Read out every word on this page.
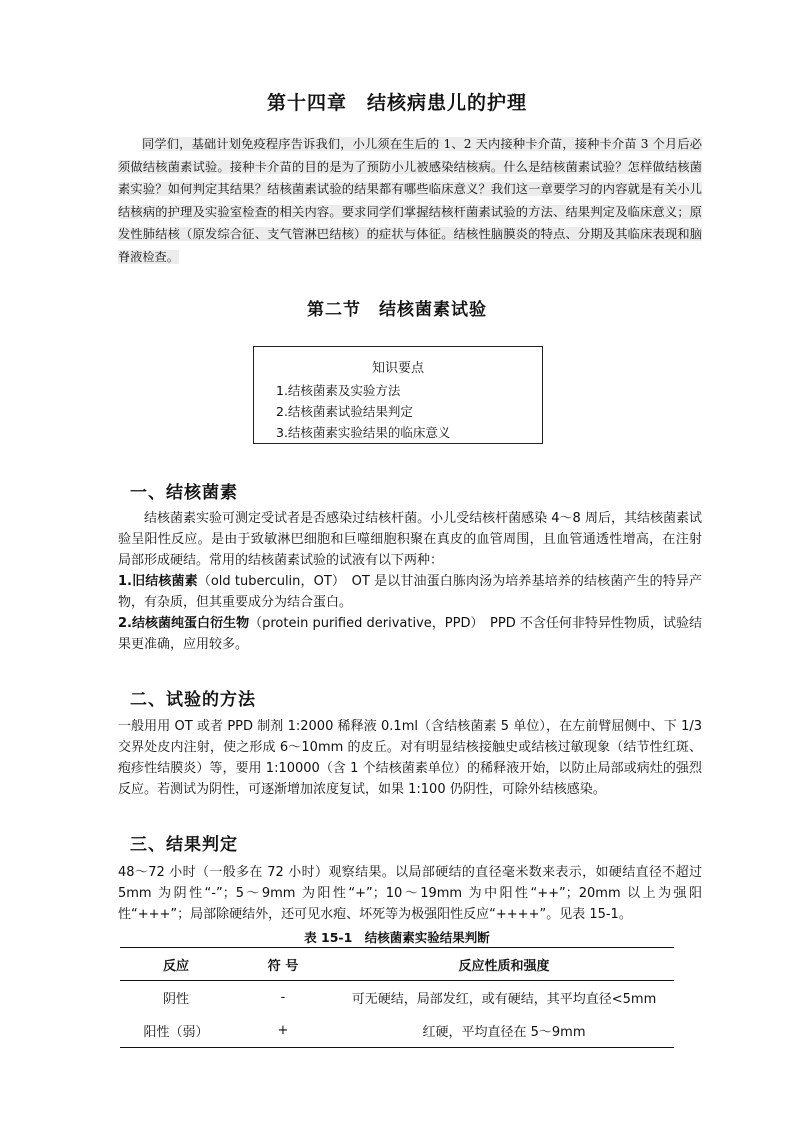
第十四章　结核病患儿的护理

同学们，基础计划免疫程序告诉我们，小儿须在生后的 1、2 天内接种卡介苗，接种卡介苗 3 个月后必须做结核菌素试验。接种卡介苗的目的是为了预防小儿被感染结核病。什么是结核菌素试验？怎样做结核菌素实验？如何判定其结果？结核菌素试验的结果都有哪些临床意义？我们这一章要学习的内容就是有关小儿结核病的护理及实验室检查的相关内容。要求同学们掌握结核杆菌素试验的方法、结果判定及临床意义；原发性肺结核（原发综合征、支气管淋巴结核）的症状与体征。结核性脑膜炎的特点、分期及其临床表现和脑脊液检查。

第二节　结核菌素试验
知识要点
1.结核菌素及实验方法
2.结核菌素试验结果判定
3.结核菌素实验结果的临床意义
一、结核菌素

结核菌素实验可测定受试者是否感染过结核杆菌。小儿受结核杆菌感染 4～8 周后，其结核菌素试验呈阳性反应。是由于致敏淋巴细胞和巨噬细胞积聚在真皮的血管周围，且血管通透性增高，在注射局部形成硬结。常用的结核菌素试验的试液有以下两种：

1.旧结核菌素（old tuberculin，OT）　OT 是以甘油蛋白胨肉汤为培养基培养的结核菌产生的特异产物，有杂质，但其重要成分为结合蛋白。

2.结核菌纯蛋白衍生物（protein purified derivative，PPD）　PPD 不含任何非特异性物质，试验结果更准确，应用较多。

二、试验的方法

一般用用 OT 或者 PPD 制剂 1:2000 稀释液 0.1ml（含结核菌素 5 单位），在左前臂屈侧中、下 1/3 交界处皮内注射，使之形成 6～10mm 的皮丘。对有明显结核接触史或结核过敏现象（结节性红斑、疱疹性结膜炎）等，要用 1:10000（含 1 个结核菌素单位）的稀释液开始，以防止局部或病灶的强烈反应。若测试为阴性，可逐渐增加浓度复试，如果 1:100 仍阴性，可除外结核感染。

三、结果判定

48～72 小时（一般多在 72 小时）观察结果。以局部硬结的直径毫米数来表示，如硬结直径不超过 5mm 为阴性“-”；5～9mm 为阳性“+”；10～19mm 为中阳性“++”；20mm 以上为强阳性“+++”；局部除硬结外，还可见水疱、坏死等为极强阳性反应“++++”。见表 15-1。

表 15-1　结核菌素实验结果判断
反应	符 号	反应性质和强度
阴性	-	可无硬结，局部发红，或有硬结，其平均直径<5mm
阳性（弱）	+	红硬，平均直径在 5～9mm
